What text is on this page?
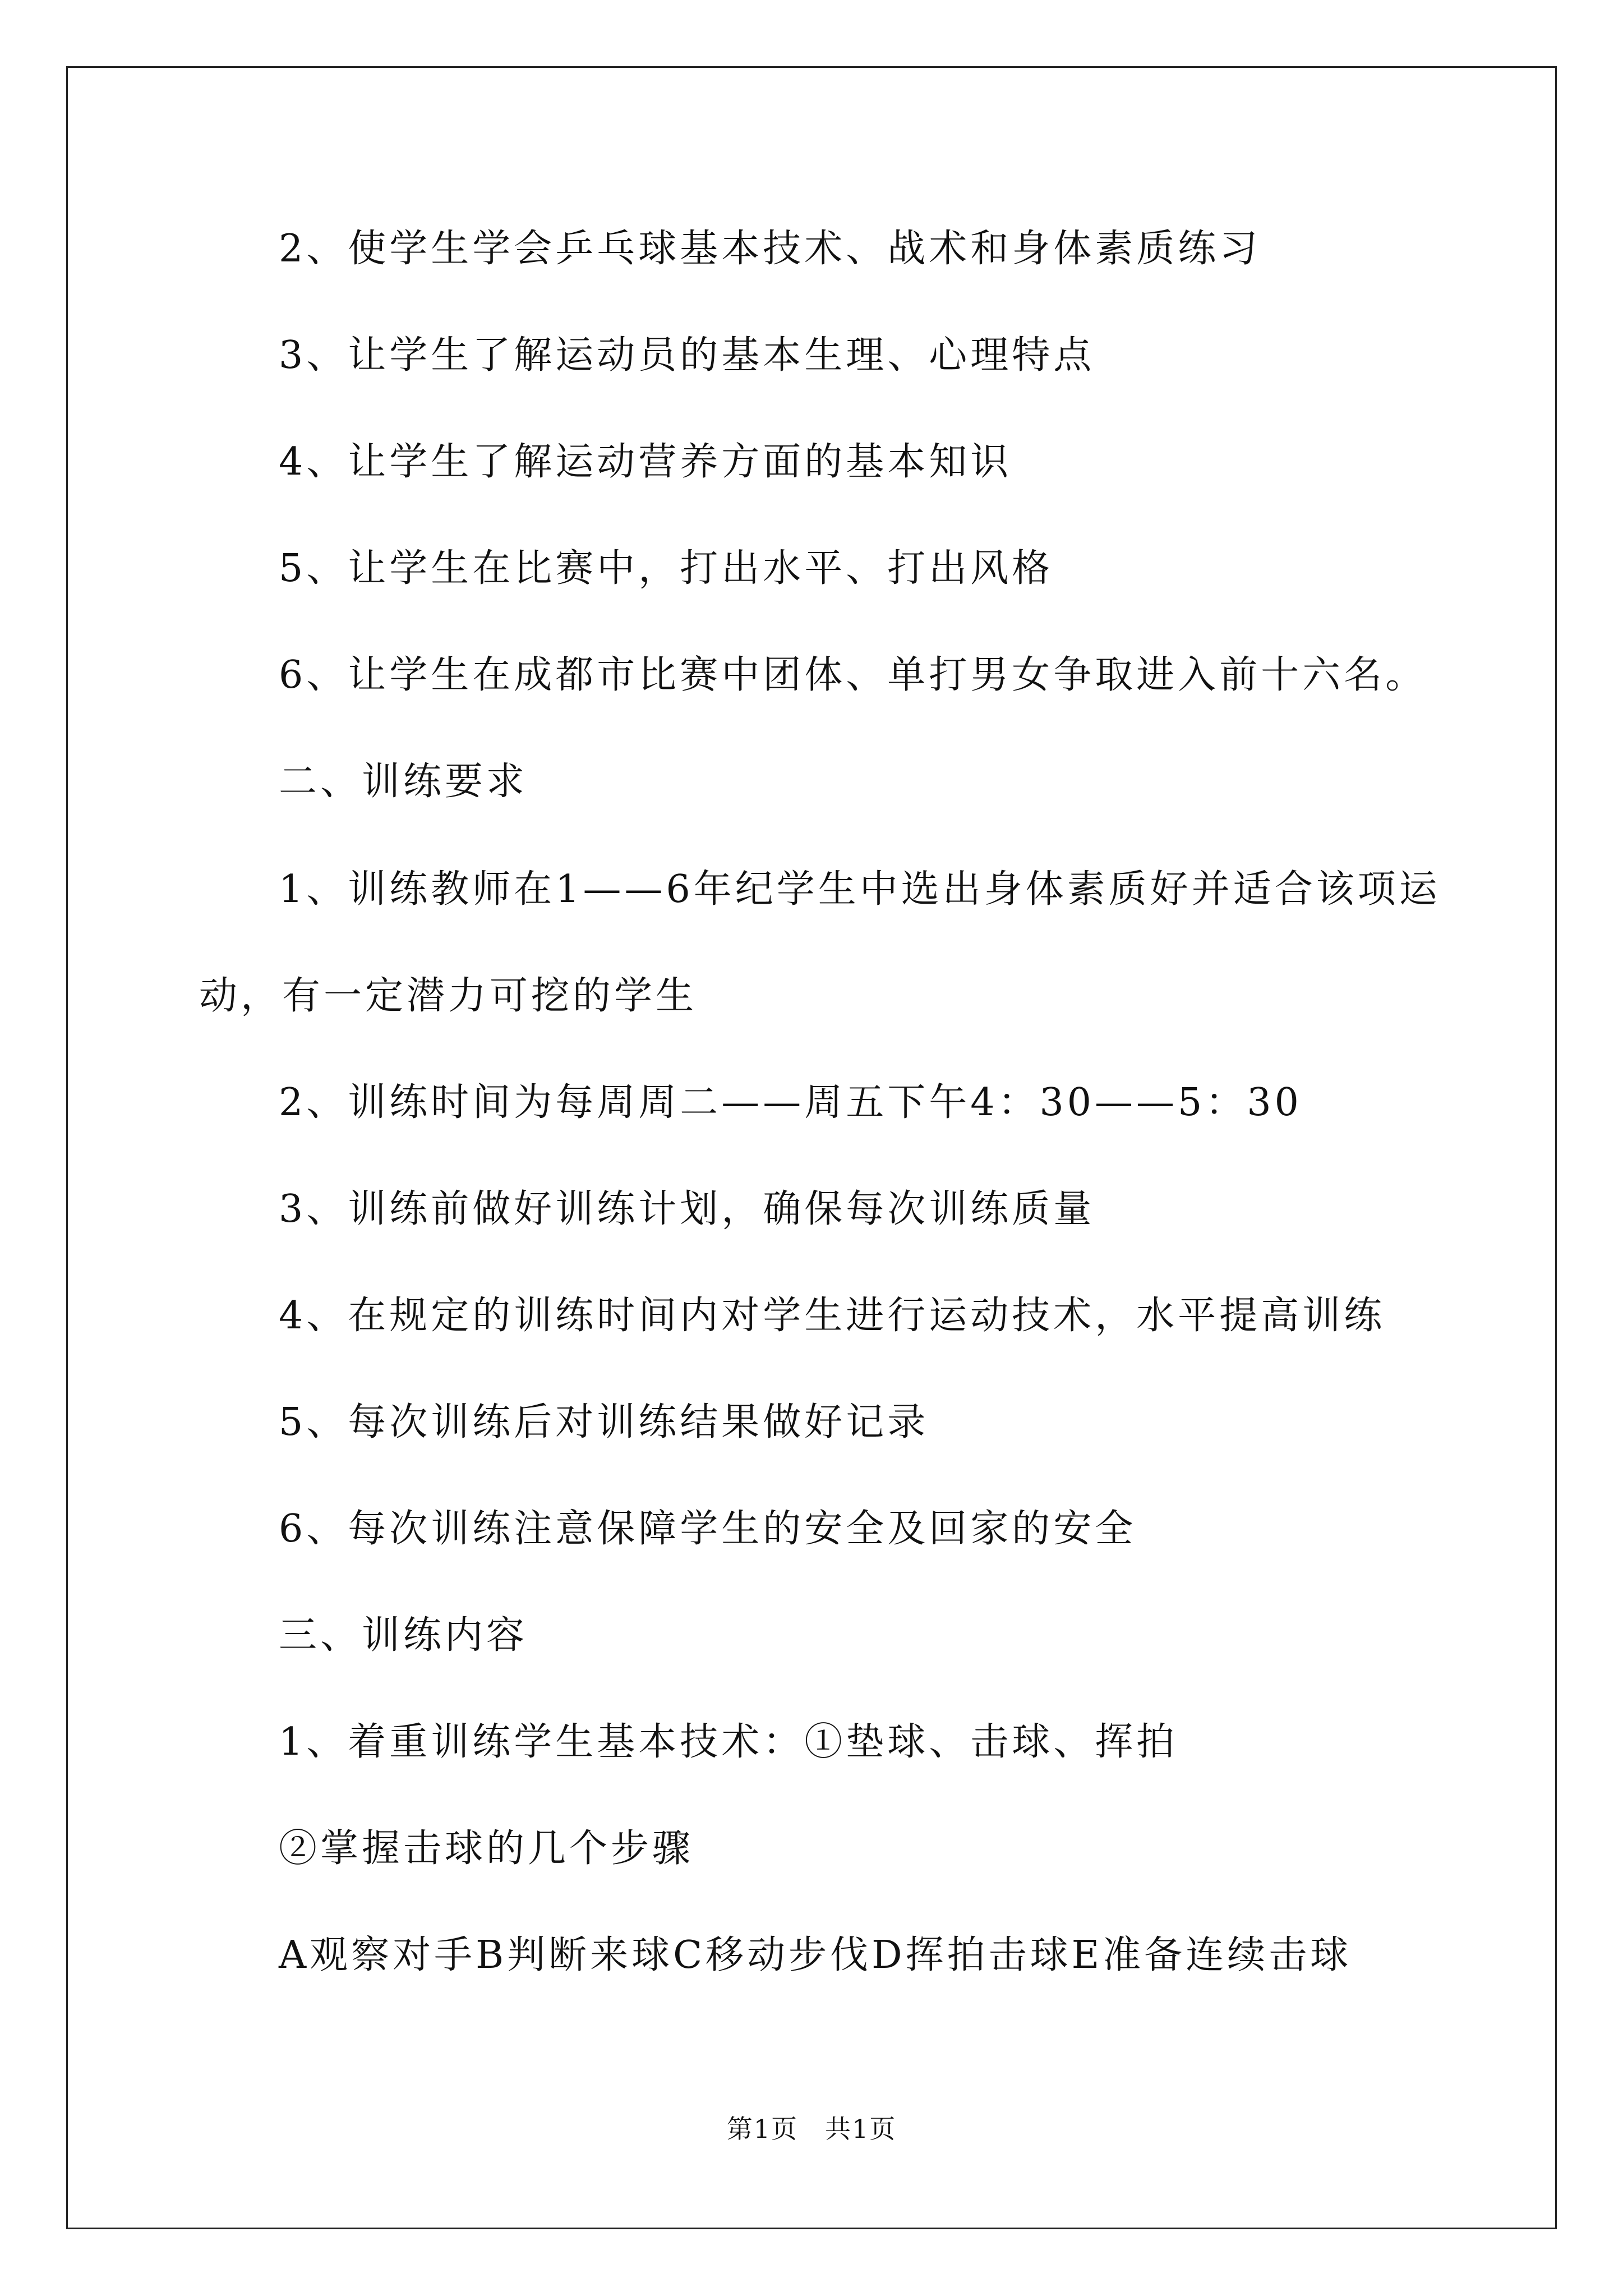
2、使学生学会乒乓球基本技术、战术和身体素质练习
3、让学生了解运动员的基本生理、心理特点
4、让学生了解运动营养方面的基本知识
5、让学生在比赛中，打出水平、打出风格
6、让学生在成都市比赛中团体、单打男女争取进入前十六名。
二、训练要求
1、训练教师在1——6年纪学生中选出身体素质好并适合该项运
动，有一定潜力可挖的学生
2、训练时间为每周周二——周五下午4：30——5：30
3、训练前做好训练计划，确保每次训练质量
4、在规定的训练时间内对学生进行运动技术，水平提高训练
5、每次训练后对训练结果做好记录
6、每次训练注意保障学生的安全及回家的安全
三、训练内容
1、着重训练学生基本技术：①垫球、击球、挥拍
②掌握击球的几个步骤
A观察对手B判断来球C移动步伐D挥拍击球E准备连续击球
第1页　共1页
